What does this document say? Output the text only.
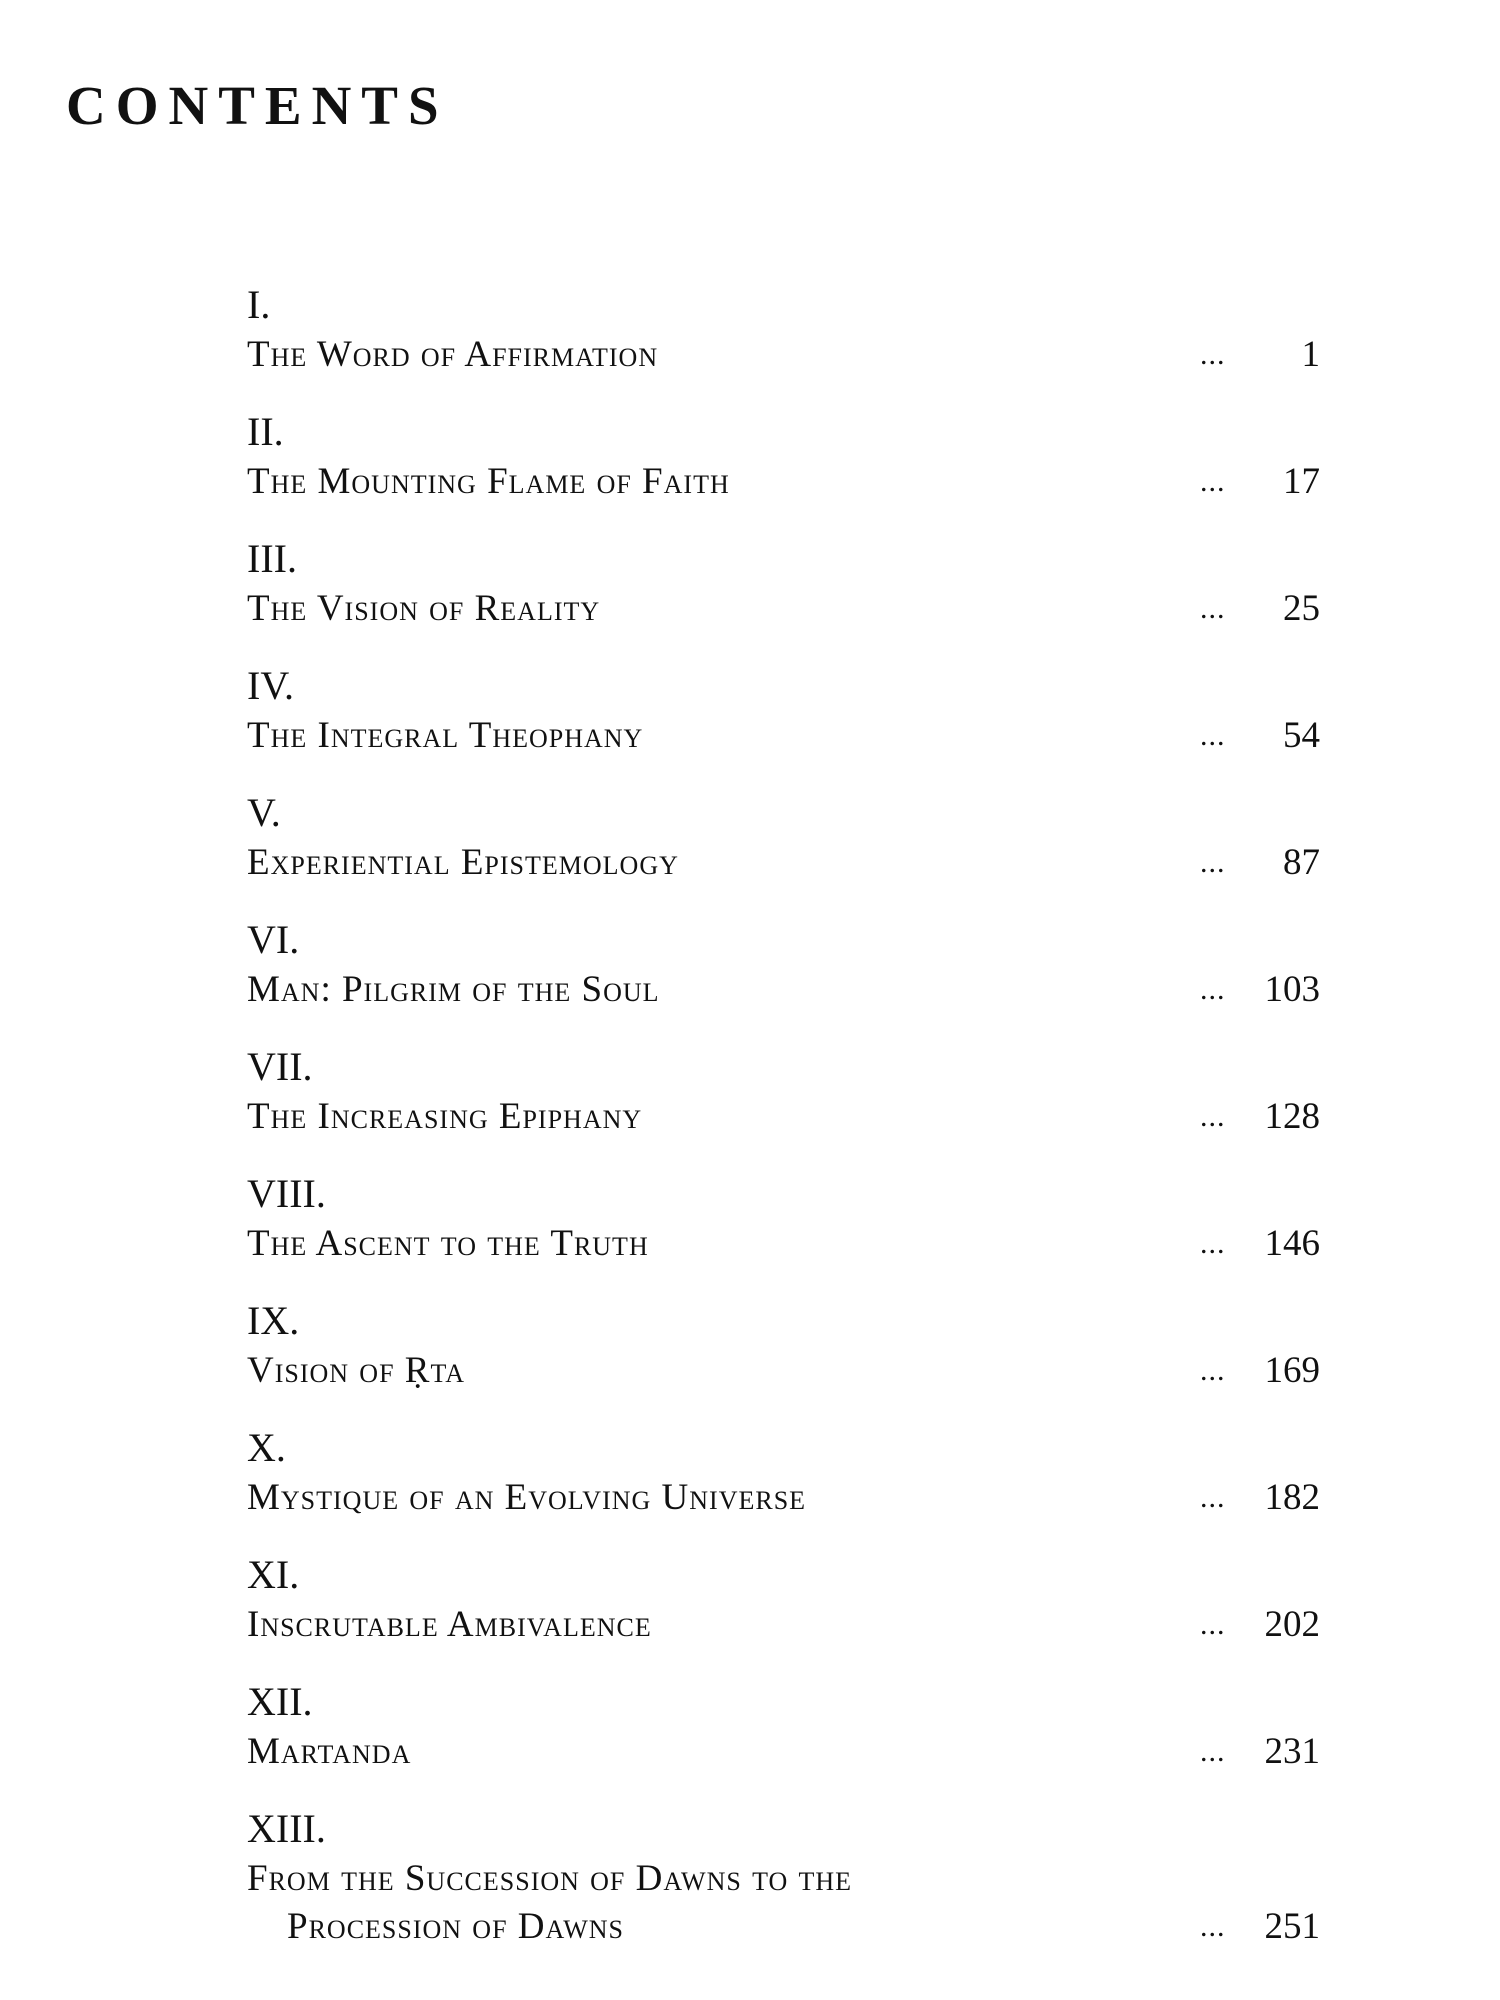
CONTENTS
I.
The Word of Affirmation	...	1
II.
The Mounting Flame of Faith	...	17
III.
The Vision of Reality	...	25
IV.
The Integral Theophany	...	54
V.
Experiential Epistemology	...	87
VI.
Man: Pilgrim of the Soul	...	103
VII.
The Increasing Epiphany	...	128
VIII.
The Ascent to the Truth	...	146
IX.
Vision of Ṛta	...	169
X.
Mystique of an Evolving Universe	...	182
XI.
Inscrutable Ambivalence	...	202
XII.
Martanda	...	231
XIII.
From the Succession of Dawns to the
Procession of Dawns	...	251
